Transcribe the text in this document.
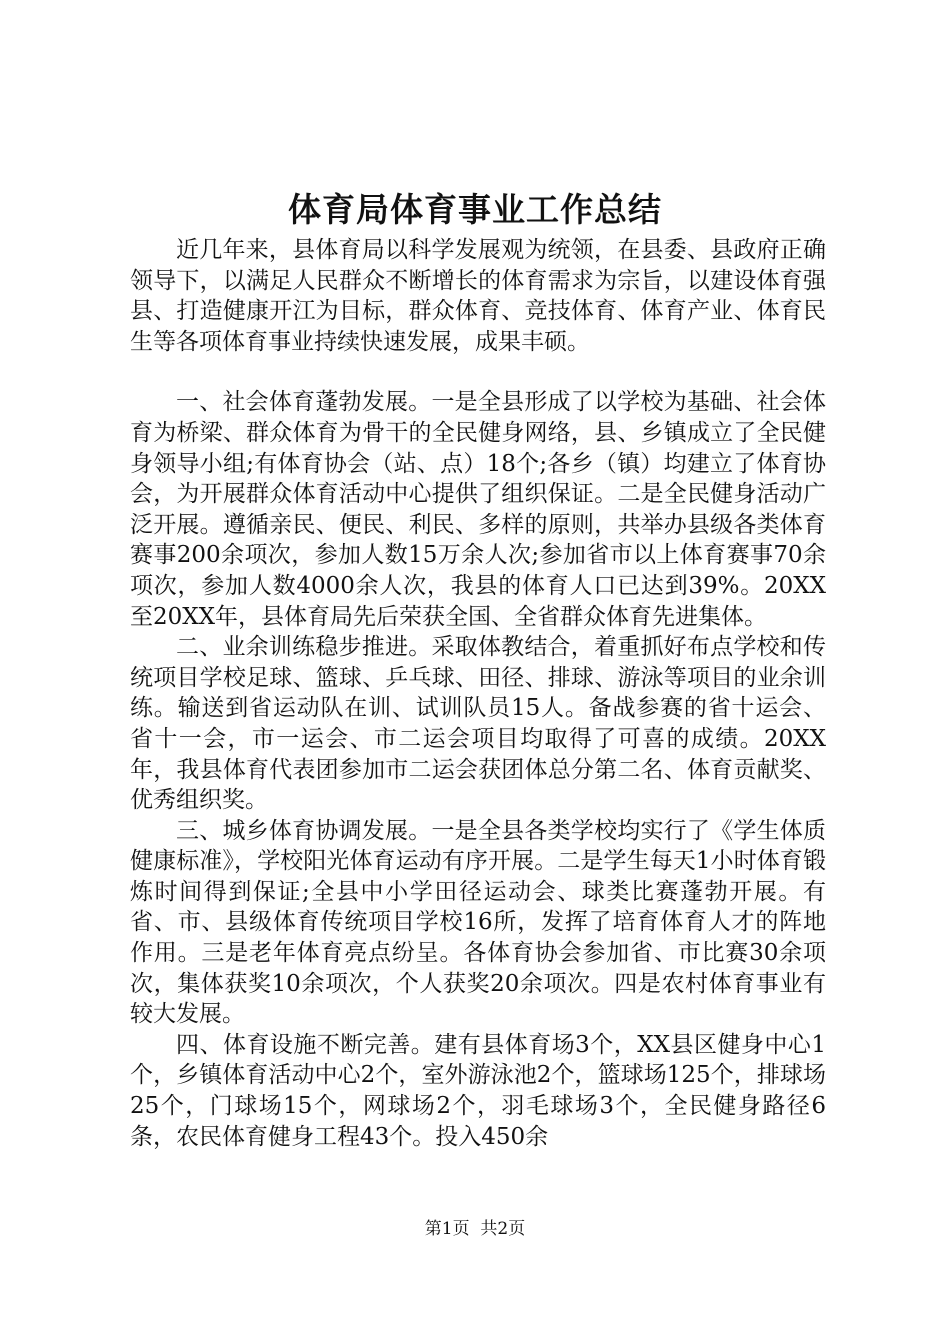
体育局体育事业工作总结

近几年来，县体育局以科学发展观为统领，在县委、县政府正确领导下，以满足人民群众不断增长的体育需求为宗旨，以建设体育强县、打造健康开江为目标，群众体育、竞技体育、体育产业、体育民生等各项体育事业持续快速发展，成果丰硕。

一、社会体育蓬勃发展。一是全县形成了以学校为基础、社会体育为桥梁、群众体育为骨干的全民健身网络，县、乡镇成立了全民健身领导小组;有体育协会（站、点）18个;各乡（镇）均建立了体育协会，为开展群众体育活动中心提供了组织保证。二是全民健身活动广泛开展。遵循亲民、便民、利民、多样的原则，共举办县级各类体育赛事200余项次，参加人数15万余人次;参加省市以上体育赛事70余项次，参加人数4000余人次，我县的体育人口已达到39%。20XX至20XX年，县体育局先后荣获全国、全省群众体育先进集体。

二、业余训练稳步推进。采取体教结合，着重抓好布点学校和传统项目学校足球、篮球、乒乓球、田径、排球、游泳等项目的业余训练。输送到省运动队在训、试训队员15人。备战参赛的省十运会、省十一会，市一运会、市二运会项目均取得了可喜的成绩。20XX年，我县体育代表团参加市二运会获团体总分第二名、体育贡献奖、优秀组织奖。

三、城乡体育协调发展。一是全县各类学校均实行了《学生体质健康标准》，学校阳光体育运动有序开展。二是学生每天1小时体育锻炼时间得到保证;全县中小学田径运动会、球类比赛蓬勃开展。有省、市、县级体育传统项目学校16所，发挥了培育体育人才的阵地作用。三是老年体育亮点纷呈。各体育协会参加省、市比赛30余项次，集体获奖10余项次，个人获奖20余项次。四是农村体育事业有较大发展。

四、体育设施不断完善。建有县体育场3个，XX县区健身中心1个，乡镇体育活动中心2个，室外游泳池2个，篮球场125个，排球场25个，门球场15个，网球场2个，羽毛球场3个，全民健身路径6条，农民体育健身工程43个。投入450余

第1页 共2页
